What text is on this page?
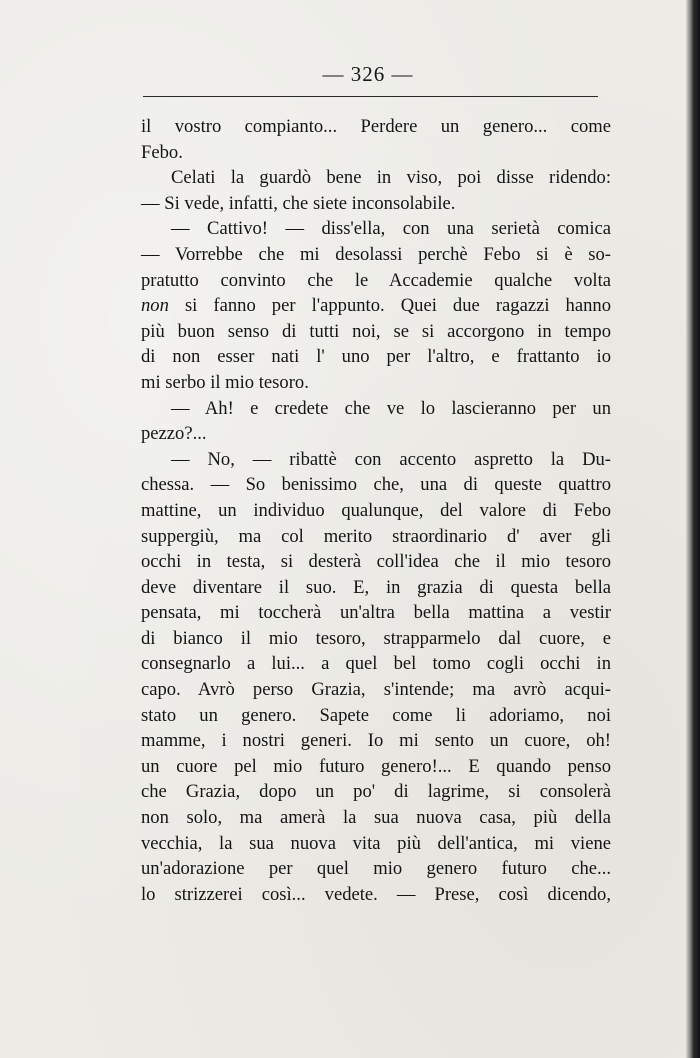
— 326 —
il vostro compianto... Perdere un genero... come
Febo.
Celati la guardò bene in viso, poi disse ridendo:
— Si vede, infatti, che siete inconsolabile.
— Cattivo! — diss'ella, con una serietà comica
— Vorrebbe che mi desolassi perchè Febo si è so-
pratutto convinto che le Accademie qualche volta
non si fanno per l'appunto. Quei due ragazzi hanno
più buon senso di tutti noi, se si accorgono in tempo
di non esser nati l' uno per l'altro, e frattanto io
mi serbo il mio tesoro.
— Ah! e credete che ve lo lascieranno per un
pezzo?...
— No, — ribattè con accento aspretto la Du-
chessa. — So benissimo che, una di queste quattro
mattine, un individuo qualunque, del valore di Febo
suppergiù, ma col merito straordinario d' aver gli
occhi in testa, si desterà coll'idea che il mio tesoro
deve diventare il suo. E, in grazia di questa bella
pensata, mi toccherà un'altra bella mattina a vestir
di bianco il mio tesoro, strapparmelo dal cuore, e
consegnarlo a lui... a quel bel tomo cogli occhi in
capo. Avrò perso Grazia, s'intende; ma avrò acqui-
stato un genero. Sapete come li adoriamo, noi
mamme, i nostri generi. Io mi sento un cuore, oh!
un cuore pel mio futuro genero!... E quando penso
che Grazia, dopo un po' di lagrime, si consolerà
non solo, ma amerà la sua nuova casa, più della
vecchia, la sua nuova vita più dell'antica, mi viene
un'adorazione per quel mio genero futuro che...
lo strizzerei così... vedete. — Prese, così dicendo,
